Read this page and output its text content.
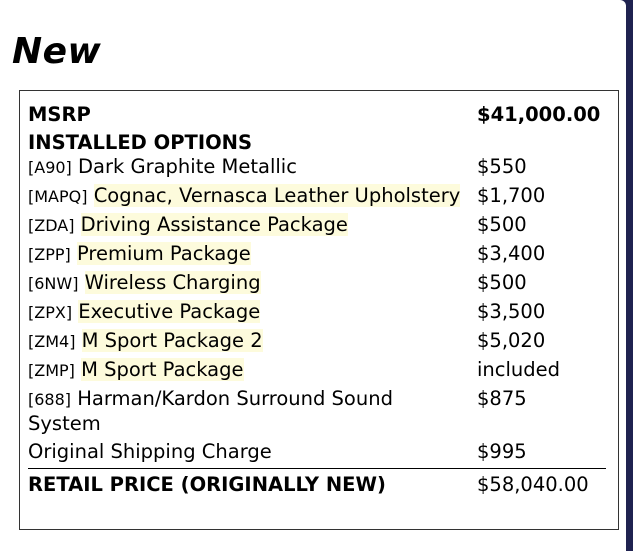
New
MSRP	$41,000.00
INSTALLED OPTIONS	
[A90] Dark Graphite Metallic	$550
[MAPQ] Cognac, Vernasca Leather Upholstery	$1,700
[ZDA] Driving Assistance Package	$500
[ZPP] Premium Package	$3,400
[6NW] Wireless Charging	$500
[ZPX] Executive Package	$3,500
[ZM4] M Sport Package 2	$5,020
[ZMP] M Sport Package	included
[688] Harman/Kardon Surround Sound System	$875
Original Shipping Charge	$995
RETAIL PRICE (ORIGINALLY NEW)	$58,040.00
